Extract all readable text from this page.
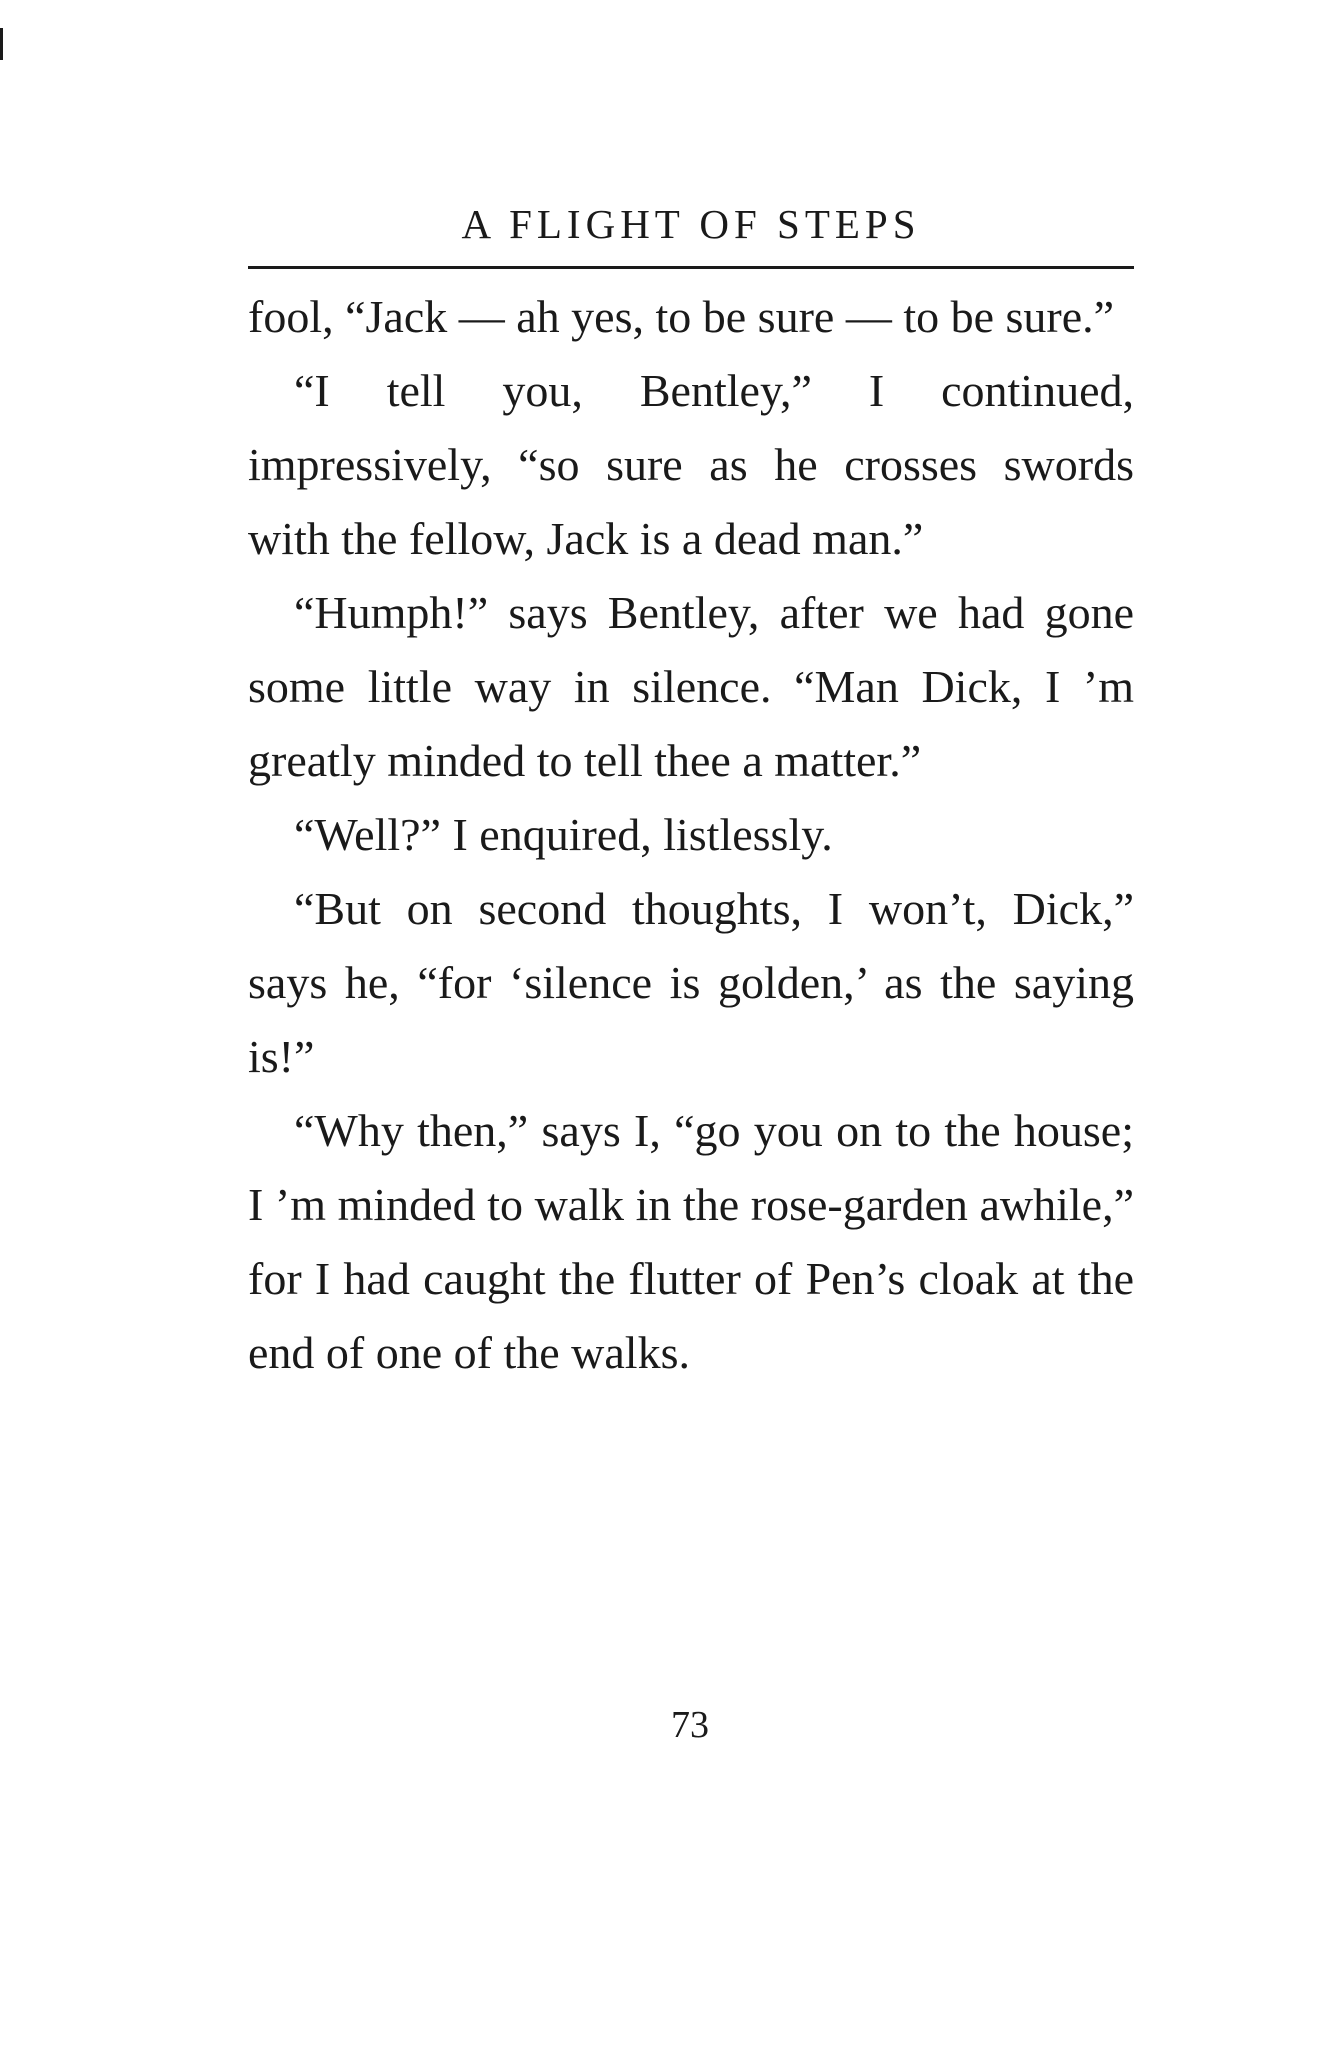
A FLIGHT OF STEPS

fool, “Jack — ah yes, to be sure — to be sure.”

“I tell you, Bentley,” I continued, impressively, “so sure as he crosses swords with the fellow, Jack is a dead man.”

“Humph!” says Bentley, after we had gone some little way in silence. “Man Dick, I ’m greatly minded to tell thee a matter.”

“Well?” I enquired, listlessly.

“But on second thoughts, I won’t, Dick,” says he, “for ‘silence is golden,’ as the saying is!”

“Why then,” says I, “go you on to the house; I ’m minded to walk in the rose-garden awhile,” for I had caught the flutter of Pen’s cloak at the end of one of the walks.

73
